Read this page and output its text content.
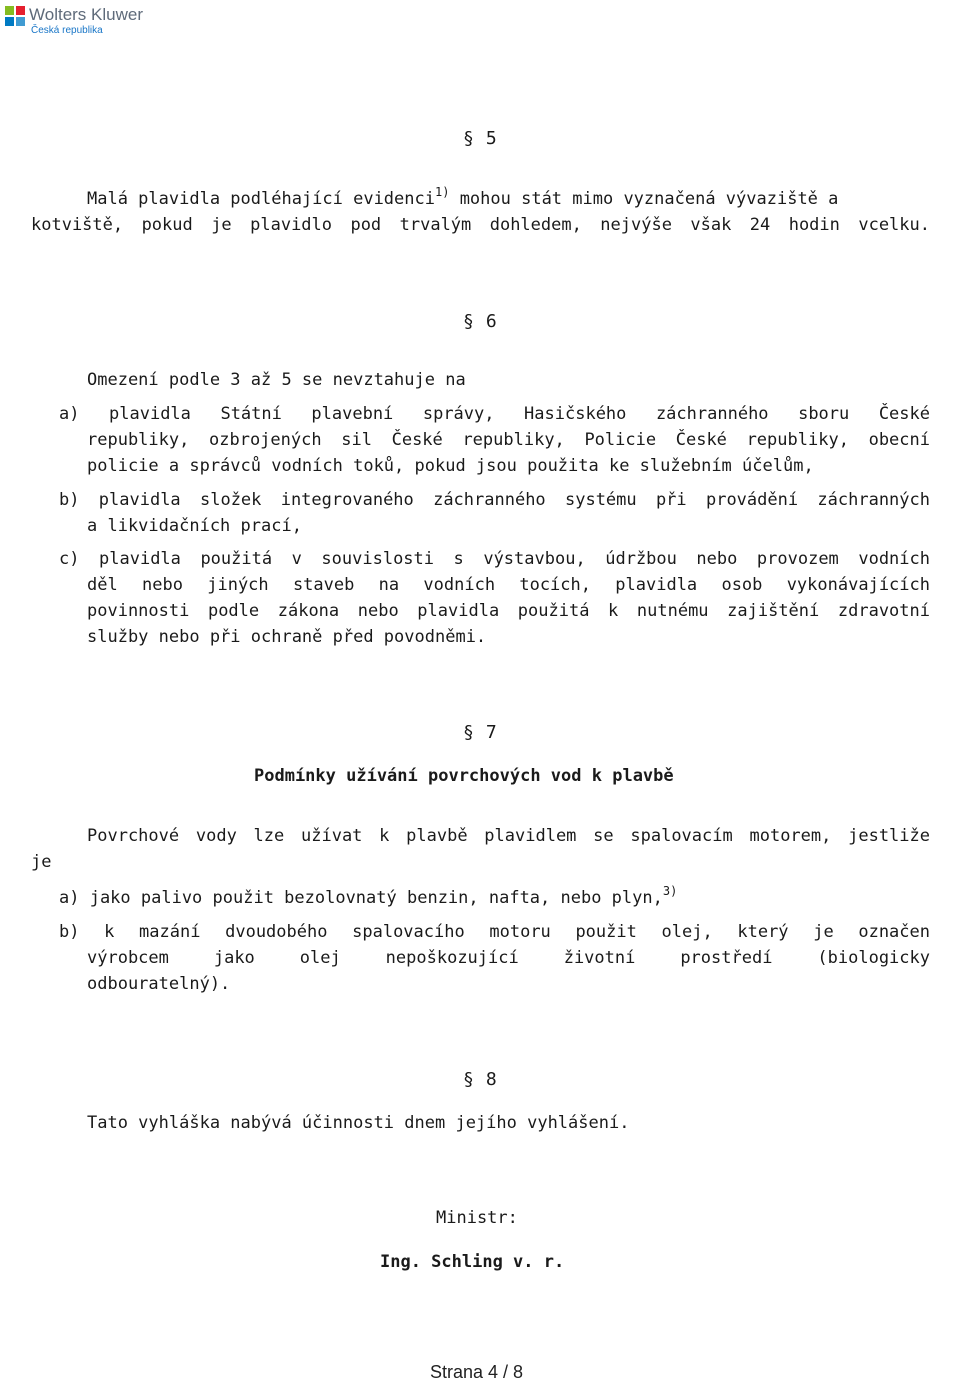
Wolters Kluwer
Česká republika
§ 5
Malá plavidla podléhající evidenci$^{1)}$ mohou stát mimo vyznačená vývaziště a
kotviště, pokud je plavidlo pod trvalým dohledem, nejvýše však 24 hodin vcelku.
§ 6
Omezení podle 3 až 5 se nevztahuje na
a) plavidla Státní plavební správy, Hasičského záchranného sboru České
republiky, ozbrojených sil České republiky, Policie České republiky, obecní
policie a správců vodních toků, pokud jsou použita ke služebním účelům,
b) plavidla složek integrovaného záchranného systému při provádění záchranných
a likvidačních prací,
c) plavidla použitá v souvislosti s výstavbou, údržbou nebo provozem vodních
děl nebo jiných staveb na vodních tocích, plavidla osob vykonávajících
povinnosti podle zákona nebo plavidla použitá k nutnému zajištění zdravotní
služby nebo při ochraně před povodněmi.
§ 7
Podmínky užívání povrchových vod k plavbě
Povrchové vody lze užívat k plavbě plavidlem se spalovacím motorem, jestliže
je
a) jako palivo použit bezolovnatý benzin, nafta, nebo plyn,$^{3)}$
b) k mazání dvoudobého spalovacího motoru použit olej, který je označen
výrobcem jako olej nepoškozující životní prostředí (biologicky
odbouratelný).
§ 8
Tato vyhláška nabývá účinnosti dnem jejího vyhlášení.
Ministr:
Ing. Schling v. r.
Strana 4 / 8
